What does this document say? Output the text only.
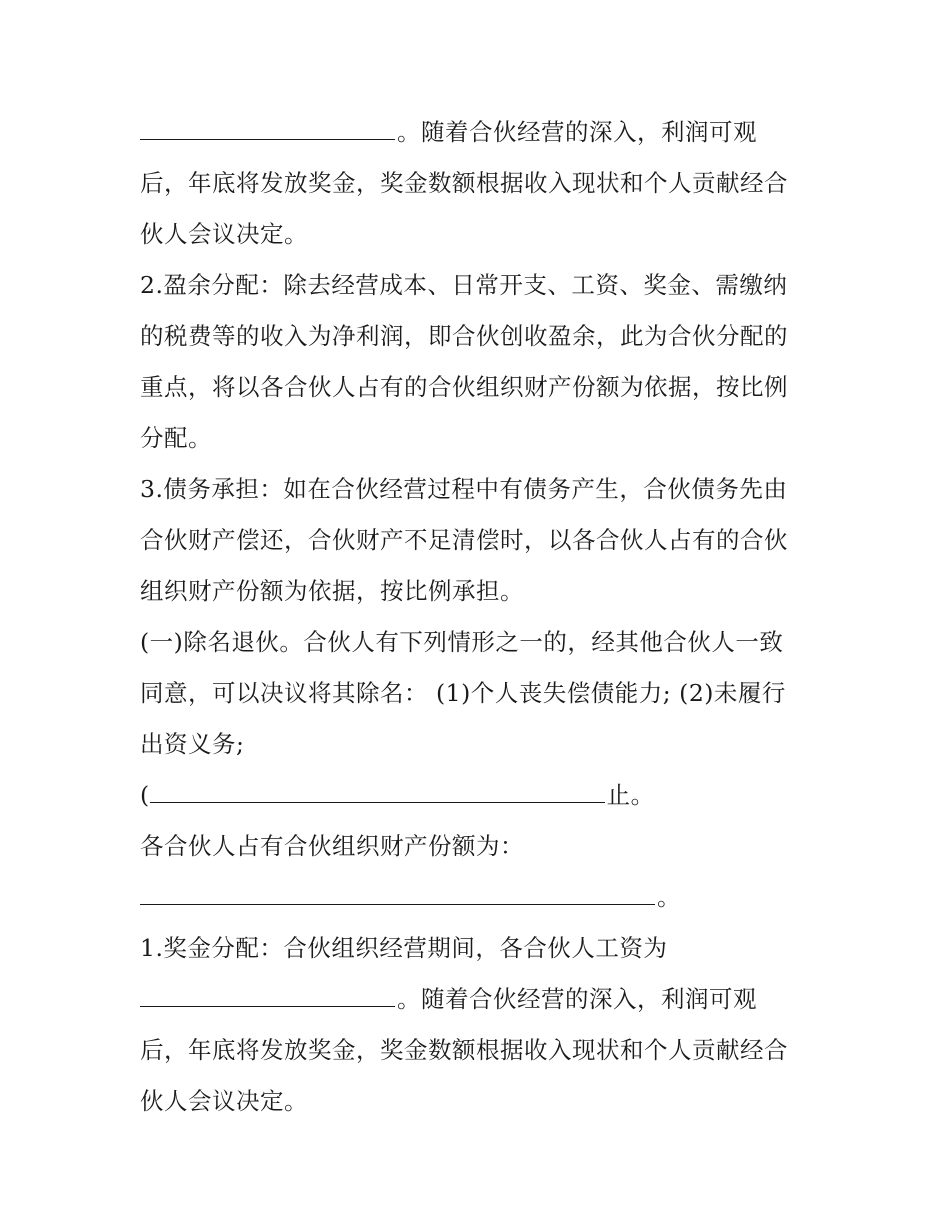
。随着合伙经营的深入，利润可观
后，年底将发放奖金，奖金数额根据收入现状和个人贡献经合
伙人会议决定。
2.盈余分配：除去经营成本、日常开支、工资、奖金、需缴纳
的税费等的收入为净利润，即合伙创收盈余，此为合伙分配的
重点，将以各合伙人占有的合伙组织财产份额为依据，按比例
分配。
3.债务承担：如在合伙经营过程中有债务产生，合伙债务先由
合伙财产偿还，合伙财产不足清偿时，以各合伙人占有的合伙
组织财产份额为依据，按比例承担。
(一)除名退伙。合伙人有下列情形之一的，经其他合伙人一致
同意，可以决议将其除名： (1)个人丧失偿债能力; (2)未履行
出资义务;
(	止。
各合伙人占有合伙组织财产份额为：
。
1.奖金分配：合伙组织经营期间，各合伙人工资为
。随着合伙经营的深入，利润可观
后，年底将发放奖金，奖金数额根据收入现状和个人贡献经合
伙人会议决定。
